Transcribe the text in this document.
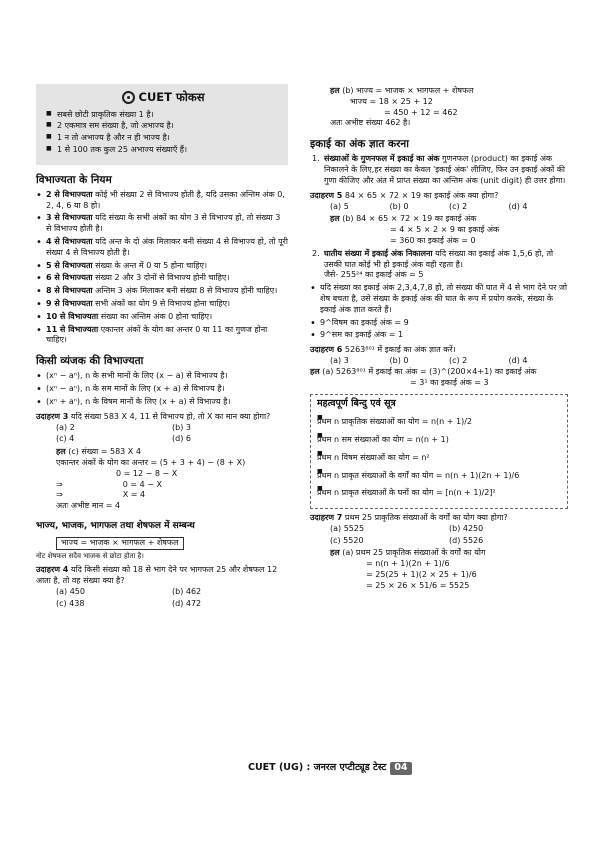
CUET फोकस
■ सबसे छोटी प्राकृतिक संख्या 1 है।
■ 2 एकमात्र सम संख्या है, जो अभाज्य है।
■ 1 न तो अभाज्य है और न ही भाज्य है।
■ 1 से 100 तक कुल 25 अभाज्य संख्याएँ हैं।
विभाज्यता के नियम
• 2 से विभाज्यता कोई भी संख्या 2 से विभाज्य होती है, यदि उसका अन्तिम अंक 0, 2, 4, 6 या 8 हो।
• 3 से विभाज्यता यदि संख्या के सभी अंकों का योग 3 से विभाज्य हो, तो संख्या 3 से विभाज्य होती है।
• 4 से विभाज्यता यदि अन्त के दो अंक मिलाकर बनी संख्या 4 से विभाज्य हो, तो पूरी संख्या 4 से विभाज्य होती है।
• 5 से विभाज्यता संख्या के अन्त में 0 या 5 होना चाहिए।
• 6 से विभाज्यता संख्या 2 और 3 दोनों से विभाज्य होनी चाहिए।
• 8 से विभाज्यता अन्तिम 3 अंक मिलाकर बनी संख्या 8 से विभाज्य होनी चाहिए।
• 9 से विभाज्यता सभी अंकों का योग 9 से विभाज्य होना चाहिए।
• 10 से विभाज्यता संख्या का अन्तिम अंक 0 होना चाहिए।
• 11 से विभाज्यता एकान्तर अंकों के योग का अन्तर 0 या 11 का गुणज होना चाहिए।
किसी व्यंजक की विभाज्यता
• (xⁿ − aⁿ), n के सभी मानों के लिए (x − a) से विभाज्य है।
• (xⁿ − aⁿ), n के सम मानों के लिए (x + a) से विभाज्य है।
• (xⁿ + aⁿ), n के विषम मानों के लिए (x + a) से विभाज्य है।
उदाहरण 3 यदि संख्या 583 X 4, 11 से विभाज्य हो, तो X का मान क्या होगा?
(a) 2	(b) 3
(c) 4	(d) 6
हल (c) संख्या = 583 X 4
एकान्तर अंकों के योग का अन्तर = (5 + 3 + 4) − (8 + X)
0 = 12 − 8 − X
⇒	0 = 4 − X
⇒	X = 4
अतः अभीष्ट मान = 4
भाज्य, भाजक, भागफल तथा शेषफल में सम्बन्ध
भाज्य = भाजक × भागफल + शेषफल
नोट शेषफल सदैव भाजक से छोटा होता है।
उदाहरण 4 यदि किसी संख्या को 18 से भाग देने पर भागफल 25 और शेषफल 12 आता है, तो वह संख्या क्या है?
(a) 450	(b) 462
(c) 438	(d) 472
हल (b) भाज्य = भाजक × भागफल + शेषफल
भाज्य = 18 × 25 + 12
= 450 + 12 = 462
अतः अभीष्ट संख्या 462 है।
इकाई का अंक ज्ञात करना
1. संख्याओं के गुणनफल में इकाई का अंक गुणनफल (product) का इकाई अंक निकालने के लिए,हर संख्या का केवल 'इकाई अंक' लीजिए, फिर उन इकाई अंकों की गुणा कीजिए और अंत में प्राप्त संख्या का अन्तिम अंक (unit digit) ही उत्तर होगा।
उदाहरण 5 84 × 65 × 72 × 19 का इकाई अंक क्या होगा?
(a) 5	(b) 0	(c) 2	(d) 4
हल (b) 84 × 65 × 72 × 19 का इकाई अंक
= 4 × 5 × 2 × 9 का इकाई अंक
= 360 का इकाई अंक = 0
2. घातीय संख्या में इकाई अंक निकालना यदि संख्या का इकाई अंक 1,5,6 हो, तो उसकी घात कोई भी हो इकाई अंक वही रहता है।
जैसे- 255²⁴ का इकाई अंक = 5
• यदि संख्या का इकाई अंक 2,3,4,7,8 हो, तो संख्या की घात में 4 से भाग देने पर जो शेष बचता है, उसे संख्या के इकाई अंक की घात के रूप में प्रयोग करके, संख्या के इकाई अंक ज्ञात करते हैं।
• 9^विषम का इकाई अंक = 9
• 9^सम का इकाई अंक = 1
उदाहरण 6 5263⁸⁰¹ में इकाई का अंक ज्ञात करें।
(a) 3	(b) 0	(c) 2	(d) 4
हल (a) 5263⁸⁰¹ में इकाई का अंक = (3)^(200×4+1) का इकाई अंक
= 3¹ का इकाई अंक = 3
महत्वपूर्ण बिन्दु एवं सूत्र
■ प्रथम n प्राकृतिक संख्याओं का योग = n(n + 1)/2
■ प्रथम n सम संख्याओं का योग = n(n + 1)
■ प्रथम n विषम संख्याओं का योग = n²
■ प्रथम n प्राकृत संख्याओं के वर्गों का योग = n(n + 1)(2n + 1)/6
■ प्रथम n प्राकृत संख्याओं के घनों का योग = [n(n + 1)/2]²
उदाहरण 7 प्रथम 25 प्राकृतिक संख्याओं के वर्गों का योग क्या होगा?
(a) 5525	(b) 4250
(c) 5520	(d) 5526
हल (a) प्रथम 25 प्राकृतिक संख्याओं के वर्गों का योग
= n(n + 1)(2n + 1)/6
= 25(25 + 1)(2 × 25 + 1)/6
= 25 × 26 × 51/6 = 5525
CUET (UG) : जनरल एप्टीट्यूड टेस्ट 04
